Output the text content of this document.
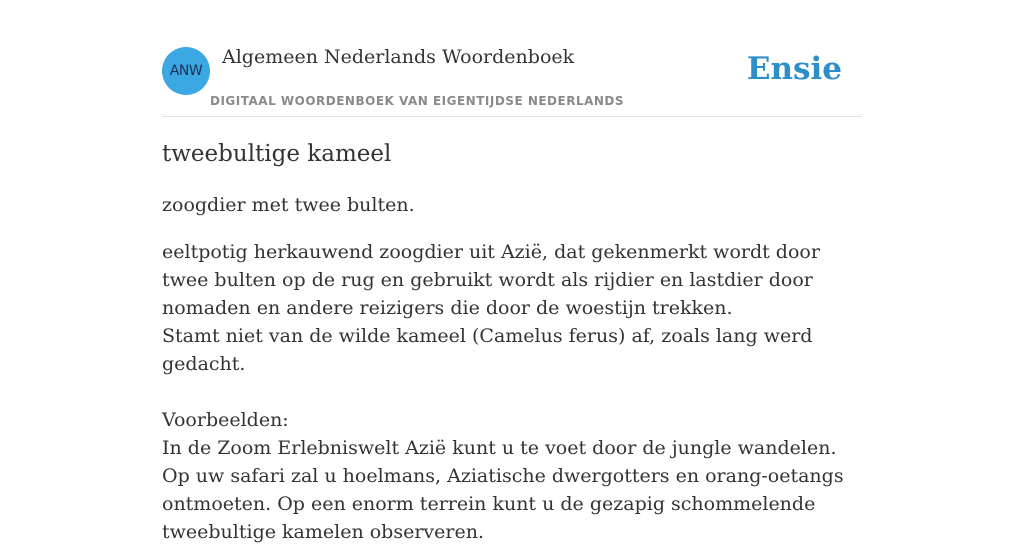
ANW
Algemeen Nederlands Woordenboek
DIGITAAL WOORDENBOEK VAN EIGENTIJDSE NEDERLANDS
Ensie
tweebultige kameel

zoogdier met twee bulten.

eeltpotig herkauwend zoogdier uit Azië, dat gekenmerkt wordt door twee bulten op de rug en gebruikt wordt als rijdier en lastdier door nomaden en andere reizigers die door de woestijn trekken.
Stamt niet van de wilde kameel (Camelus ferus) af, zoals lang werd gedacht.
Voorbeelden:
In de Zoom Erlebniswelt Azië kunt u te voet door de jungle wandelen. Op uw safari zal u hoelmans, Aziatische dwergotters en orang-oetangs ontmoeten. Op een enorm terrein kunt u de gezapig schommelende tweebultige kamelen observeren.
